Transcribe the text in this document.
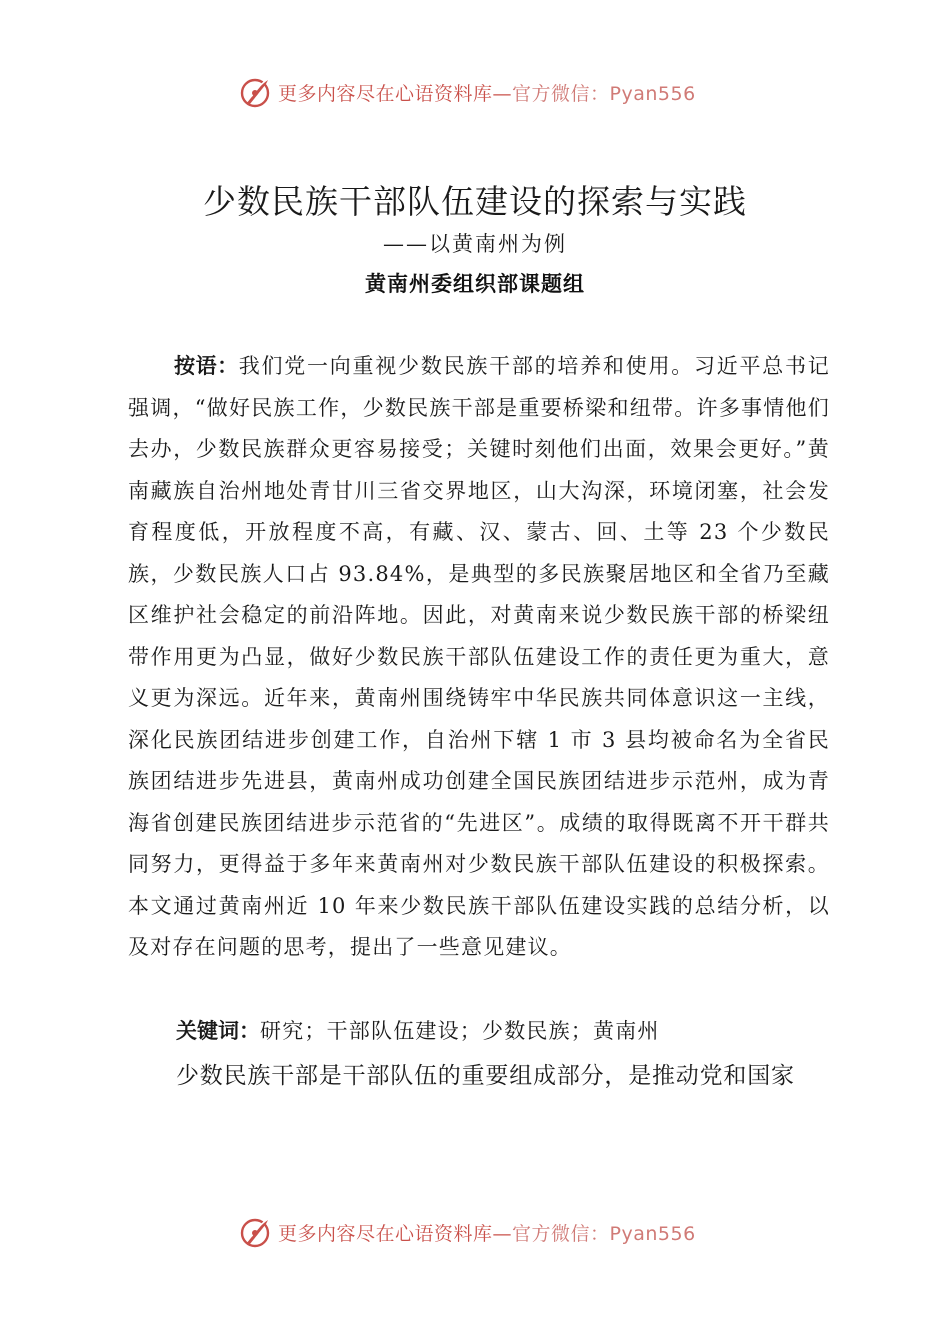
更多内容尽在心语资料库—官方微信：Pyan556
少数民族干部队伍建设的探索与实践
——以黄南州为例
黄南州委组织部课题组

按语：我们党一向重视少数民族干部的培养和使用。习近平总书记强调，“做好民族工作，少数民族干部是重要桥梁和纽带。许多事情他们去办，少数民族群众更容易接受；关键时刻他们出面，效果会更好。”黄南藏族自治州地处青甘川三省交界地区，山大沟深，环境闭塞，社会发育程度低，开放程度不高，有藏、汉、蒙古、回、土等 23 个少数民族，少数民族人口占 93.84%，是典型的多民族聚居地区和全省乃至藏区维护社会稳定的前沿阵地。因此，对黄南来说少数民族干部的桥梁纽带作用更为凸显，做好少数民族干部队伍建设工作的责任更为重大，意义更为深远。近年来，黄南州围绕铸牢中华民族共同体意识这一主线，深化民族团结进步创建工作，自治州下辖 1 市 3 县均被命名为全省民族团结进步先进县，黄南州成功创建全国民族团结进步示范州，成为青海省创建民族团结进步示范省的“先进区”。成绩的取得既离不开干群共同努力，更得益于多年来黄南州对少数民族干部队伍建设的积极探索。本文通过黄南州近 10 年来少数民族干部队伍建设实践的总结分析，以及对存在问题的思考，提出了一些意见建议。

关键词：研究；干部队伍建设；少数民族；黄南州

少数民族干部是干部队伍的重要组成部分，是推动党和国家

更多内容尽在心语资料库—官方微信：Pyan556
